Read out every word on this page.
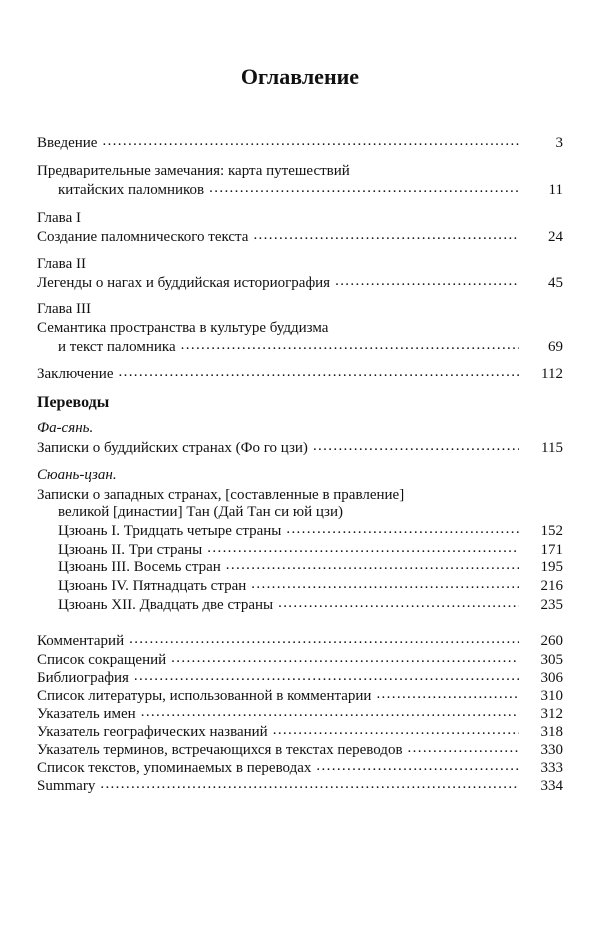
Оглавление
Введение . . .	3
Предварительные замечания: карта путешествий
китайских паломников . . .	11
Глава I
Создание паломнического текста . . .	24
Глава II
Легенды о нагах и буддийская историография . . .	45
Глава III
Семантика пространства в культуре буддизма
и текст паломника . . .	69
Заключение . . .	112
Переводы
Фа-сянь.
Записки о буддийских странах (Фо го цзи) . . .	115
Сюань-цзан.
Записки о западных странах, [составленные в правление]
великой [династии] Тан (Дай Тан си юй цзи)
Цзюань I. Тридцать четыре страны . . .	152
Цзюань II. Три страны . . .	171
Цзюань III. Восемь стран . . .	195
Цзюань IV. Пятнадцать стран . . .	216
Цзюань XII. Двадцать две страны . . .	235
Комментарий . . .	260
Список сокращений . . .	305
Библиография . . .	306
Список литературы, использованной в комментарии . . .	310
Указатель имен . . .	312
Указатель географических названий . . .	318
Указатель терминов, встречающихся в текстах переводов . . .	330
Список текстов, упоминаемых в переводах . . .	333
Summary . . .	334
